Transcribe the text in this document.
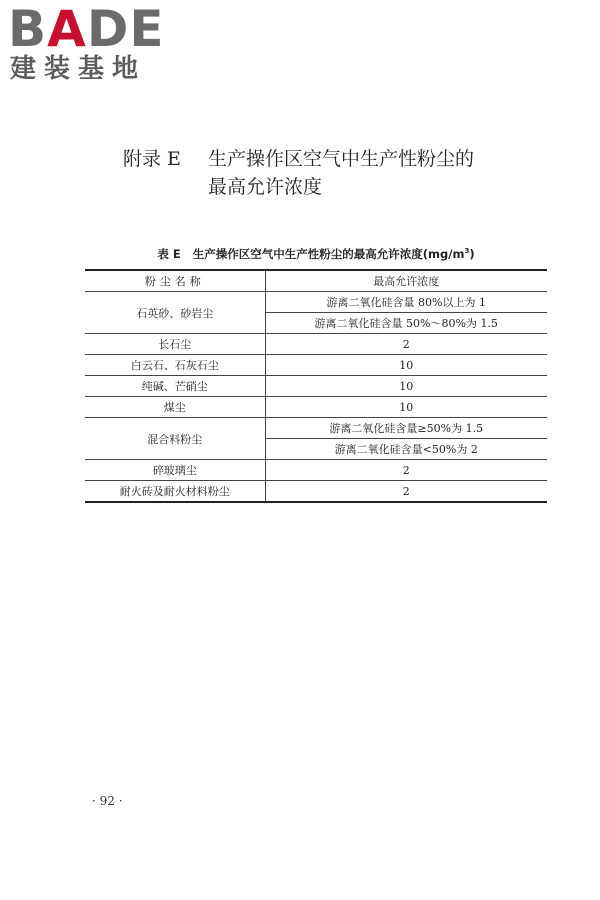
BADE
建装基地
附录 E 生产操作区空气中生产性粉尘的
最高允许浓度
表 E 生产操作区空气中生产性粉尘的最高允许浓度$(mg/m^3)$
粉尘名称	最高允许浓度
石英砂、砂岩尘	游离二氧化硅含量 80%以上为 1
	游离二氧化硅含量 50%～80%为 1.5
长石尘	2
白云石、石灰石尘	10
纯碱、芒硝尘	10
煤尘	10
混合料粉尘	游离二氧化硅含量≥50%为 1.5
	游离二氧化硅含量<50%为 2
碎玻璃尘	2
耐火砖及耐火材料粉尘	2
· 92 ·
